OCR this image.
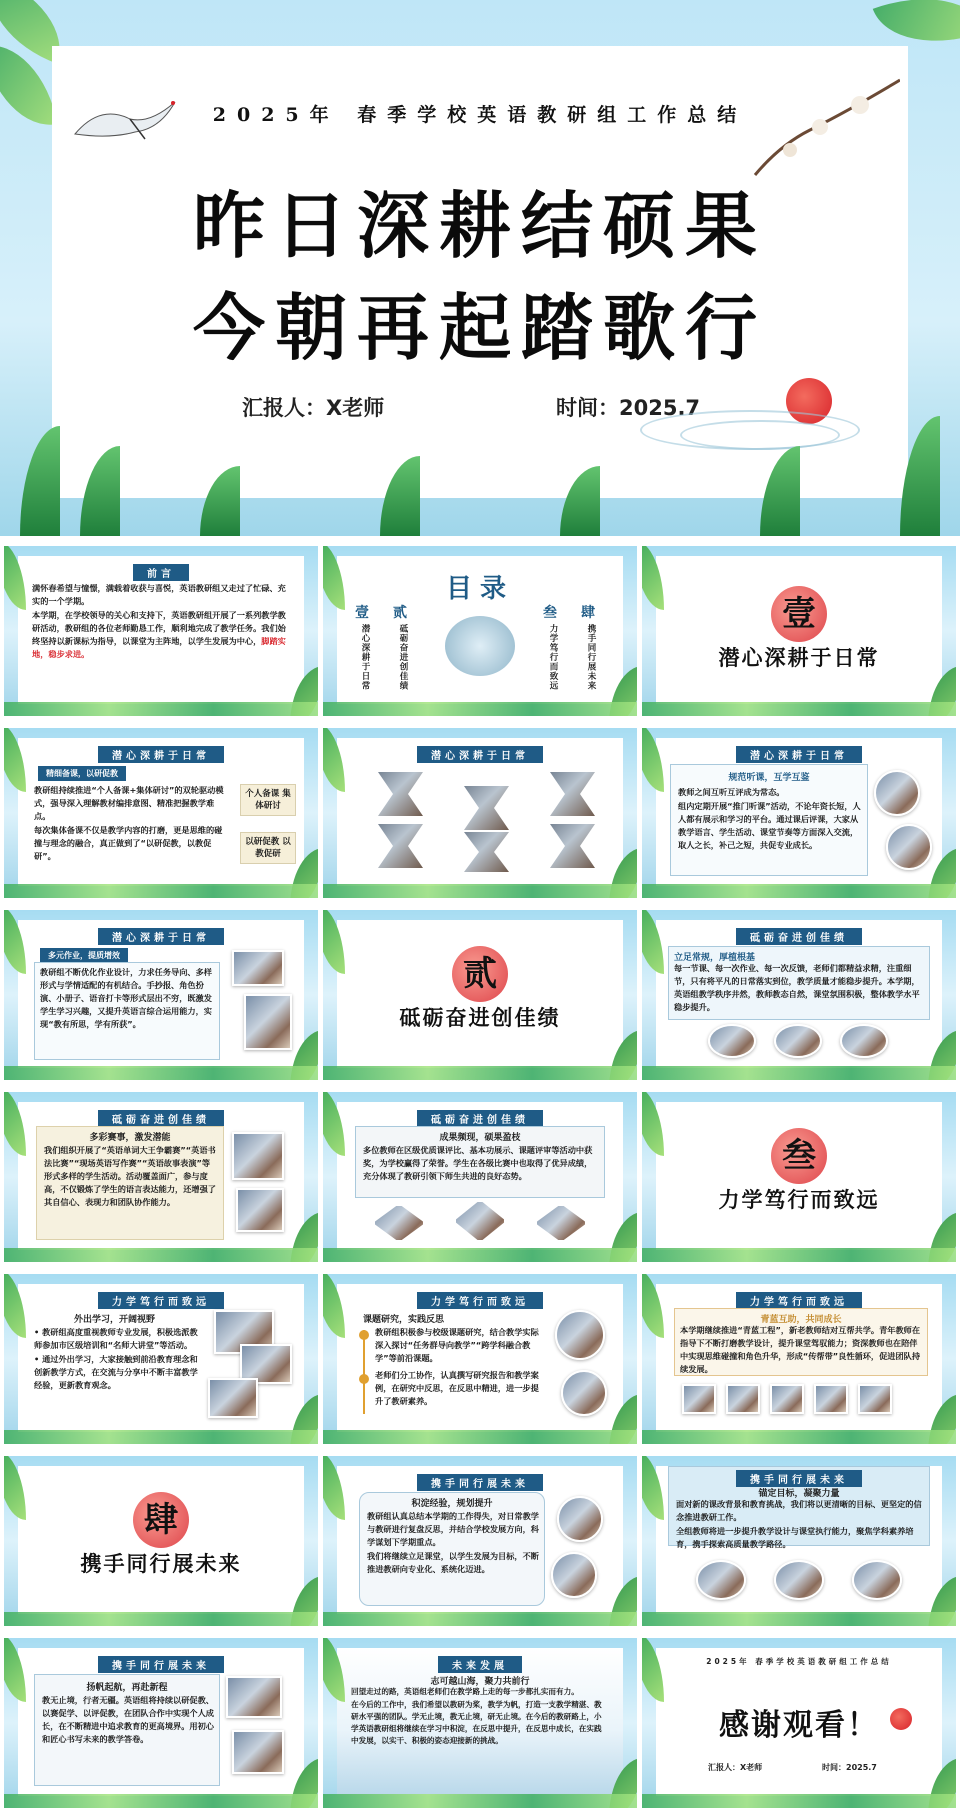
2025年 春季学校英语教研组工作总结
昨日深耕结硕果
今朝再起踏歌行
汇报人：X老师	时间：2025.7
前言

满怀春希望与憧憬，满载着收获与喜悦，英语教研组又走过了忙碌、充实的一个学期。

本学期，在学校领导的关心和支持下，英语教研组开展了一系列教学教研活动，教研组的各位老师勤恳工作，顺利地完成了教学任务。我们始终坚持以新课标为指导，以课堂为主阵地，以学生发展为中心，

脚踏实地，稳步求进。
目录
壹
潜心深耕于日常
贰
砥砺奋进创佳绩
叁
力学笃行而致远
肆
携手同行展未来
壹
潜心深耕于日常
潜心深耕于日常
精细备课，以研促教

教研组持续推进“个人备课+集体研讨”的双轮驱动模式，强导深入理解教材编排意图、精准把握教学难点。

每次集体备课不仅是教学内容的打磨，更是思维的碰撞与理念的融合，真正做到了“以研促教，以教促研”。

个人备课 集体研讨
以研促教 以教促研
潜心深耕于日常	潜心深耕于日常
规范听课，互学互鉴

教师之间互听互评成为常态。

组内定期开展“推门听课”活动，不论年资长短，人人都有展示和学习的平台。通过课后评课，大家从教学语言、学生活动、课堂节奏等方面深入交流，取人之长，补己之短，共促专业成长。

潜心深耕于日常
多元作业，提质增效
教研组不断优化作业设计，力求任务导向、多样形式与学情适配的有机结合。手抄报、角色扮演、小册子、语音打卡等形式层出不穷，既激发学生学习兴趣，又提升英语言综合运用能力，实现“教有所思，学有所获”。
贰
砥砺奋进创佳绩
砥砺奋进创佳绩
立足常规，厚植根基
每一节课、每一次作业、每一次反馈，老师们都精益求精，注重细节，只有将平凡的日常落实到位，教学质量才能稳步提升。本学期，英语组教学秩序井然，教师教态自然，课堂氛围积极，整体教学水平稳步提升。
砥砺奋进创佳绩
多彩赛事，激发潜能
我们组织开展了“英语单词大王争霸赛”“英语书法比赛”“现场英语写作赛”“英语故事表演”等形式多样的学生活动。活动覆盖面广，参与度高，不仅锻炼了学生的语言表达能力，还增强了其自信心、表现力和团队协作能力。
砥砺奋进创佳绩
成果频现，硕果盈枝
多位教师在区级优质课评比、基本功展示、课题评审等活动中获奖，为学校赢得了荣誉。学生在各级比赛中也取得了优异成绩，充分体现了教研引领下师生共进的良好态势。	叁
力学笃行而致远
力学笃行而致远
外出学习，开阔视野

• 教研组高度重视教师专业发展，积极选派教师参加市区级培训和“名师大讲堂”等活动。

• 通过外出学习，大家接触到前沿教育理念和创新教学方式，在交流与分享中不断丰富教学经验，更新教育观念。

力学笃行而致远
课题研究，实践反思

教研组积极参与校级课题研究，结合教学实际深入探讨“任务群导向教学”“跨学科融合教学”等前沿课题。

老师们分工协作，认真撰写研究报告和教学案例，在研究中反思，在反思中精进，进一步提升了教研素养。

力学笃行而致远
青蓝互助，共同成长
本学期继续推进“青蓝工程”，新老教师结对互帮共学。青年教师在指导下不断打磨教学设计，提升课堂驾驭能力；资深教师也在陪伴中实现思维碰撞和角色升华，形成“传帮带”良性循环，促进团队持续发展。
肆
携手同行展未来
携手同行展未来
积淀经验，规划提升

教研组认真总结本学期的工作得失，对日常教学与教研进行复盘反思，并结合学校发展方向，科学谋划下学期重点。

我们将继续立足课堂，以学生发展为目标，不断推进教研向专业化、系统化迈进。

携手同行展未来
锚定目标，凝聚力量

面对新的课改背景和教育挑战，我们将以更清晰的目标、更坚定的信念推进教研工作。

全组教师将进一步提升教学设计与课堂执行能力，聚焦学科素养培育，携手探索高质量教学路径。

携手同行展未来
扬帆起航，再赴新程
教无止境，行者无疆。英语组将持续以研促教、以赛促学、以评促教，在团队合作中实现个人成长，在不断精进中追求教育的更高境界。用初心和匠心书写未来的教学答卷。
未来发展
志可越山海，聚力共前行

回望走过的路，英语组老师们在教学路上走的每一步都扎实而有力。

在今后的工作中，我们希望以教研为桨，教学为帆，打造一支教学精湛、教研水平强的团队。学无止境，教无止境，研无止境。在今后的教研路上，小学英语教研组将继续在学习中积淀，在反思中提升，在反思中成长，在实践中发展，以实干、积极的姿态迎接新的挑战。

2025年 春季学校英语教研组工作总结
感谢观看！
汇报人：X老师	时间：2025.7
